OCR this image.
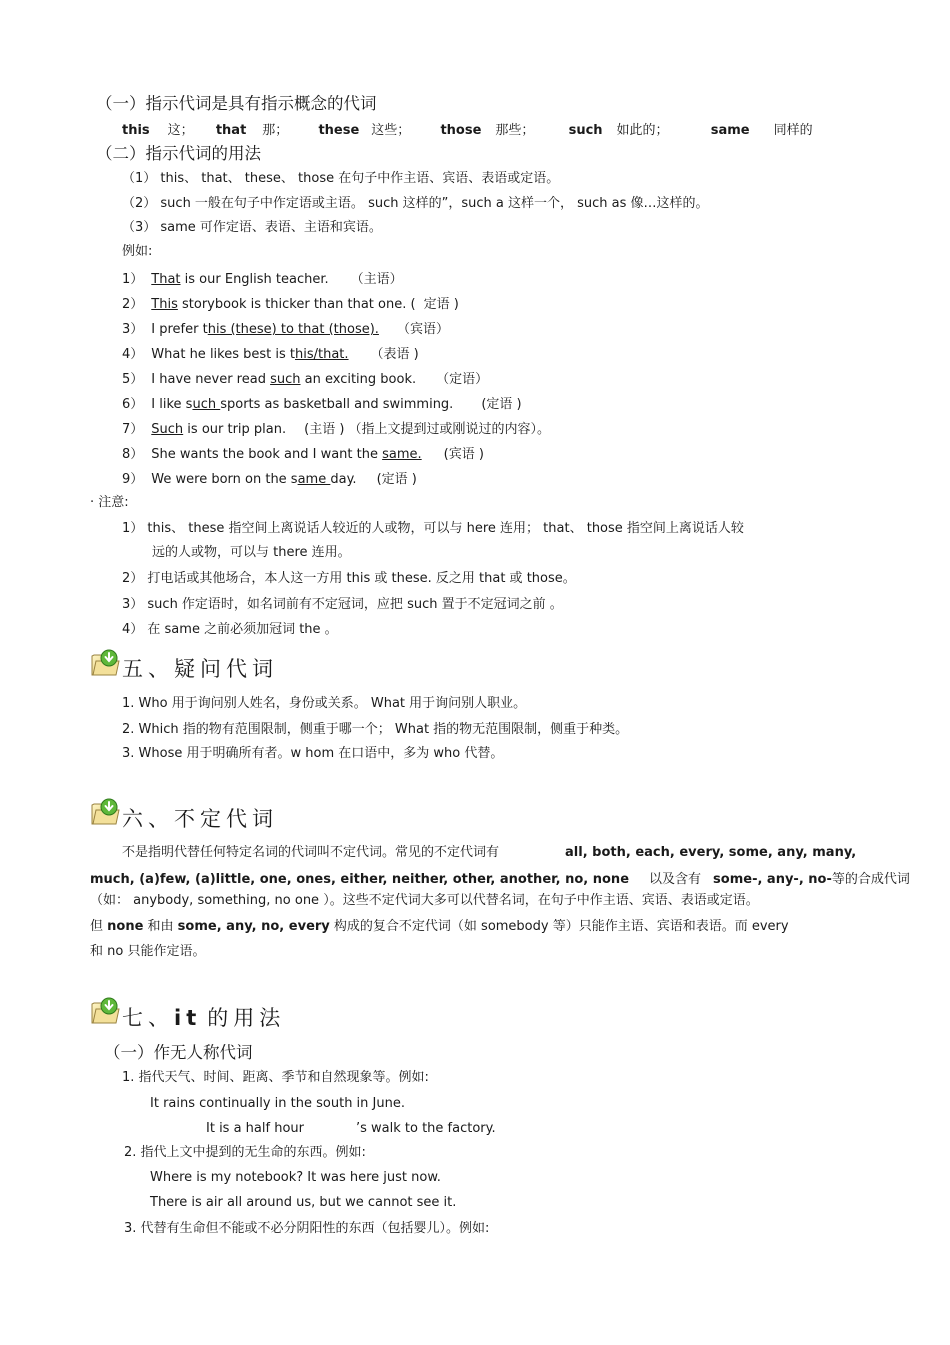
（一）指示代词是具有指示概念的代词
this 这； that 那； these 这些； those 那些；	such 如此的；	same 同样的
（二）指示代词的用法
（1） this、 that、 these、 those 在句子中作主语、宾语、表语或定语。
（2） such 一般在句子中作定语或主语。 such 这样的”，such a 这样一个， such as 像…这样的。
（3） same 可作定语、表语、主语和宾语。
例如:
1） That is our English teacher. （主语）
2） This storybook is thicker than that one. ( 定语 )
3） I prefer this (these) to that (those). （宾语）
4） What he likes best is this/that. （表语 )
5） I have never read such an exciting book. （定语）
6） I like such sports as basketball and swimming. (定语 )
7） Such is our trip plan. (主语 ) （指上文提到过或刚说过的内容）。
8） She wants the book and I want the same. (宾语 )
9） We were born on the same day. (定语 )
· 注意:
1） this、 these 指空间上离说话人较近的人或物，可以与 here 连用； that、 those 指空间上离说话人较
远的人或物，可以与 there 连用。
2） 打电话或其他场合，本人这一方用 this 或 these. 反之用 that 或 those。
3） such 作定语时，如名词前有不定冠词，应把 such 置于不定冠词之前 。
4） 在 same 之前必须加冠词 the 。
五、疑问代词
1. Who 用于询问别人姓名，身份或关系。 What 用于询问别人职业。
2. Which 指的物有范围限制，侧重于哪一个； What 指的物无范围限制，侧重于种类。
3. Whose 用于明确所有者。w hom 在口语中，多为 who 代替。
六、不定代词
不是指明代替任何特定名词的代词叫不定代词。常见的不定代词有	all, both, each, every, some, any, many,
much, (a)few, (a)little, one, ones, either, neither, other, another, no, none 以及含有 some-, any-, no-等的合成代词
（如： anybody, something, no one ）。这些不定代词大多可以代替名词，在句子中作主语、宾语、表语或定语。
但 none 和由 some, any, no, every 构成的复合不定代词（如 somebody 等）只能作主语、宾语和表语。而 every
和 no 只能作定语。
七、it 的用法
（一）作无人称代词
1. 指代天气、时间、距离、季节和自然现象等。例如:
It rains continually in the south in June.
It is a half hour	’s walk to the factory.
2. 指代上文中提到的无生命的东西。例如:
Where is my notebook? It was here just now.
There is air all around us, but we cannot see it.
3. 代替有生命但不能或不必分阴阳性的东西（包括婴儿）。例如:
